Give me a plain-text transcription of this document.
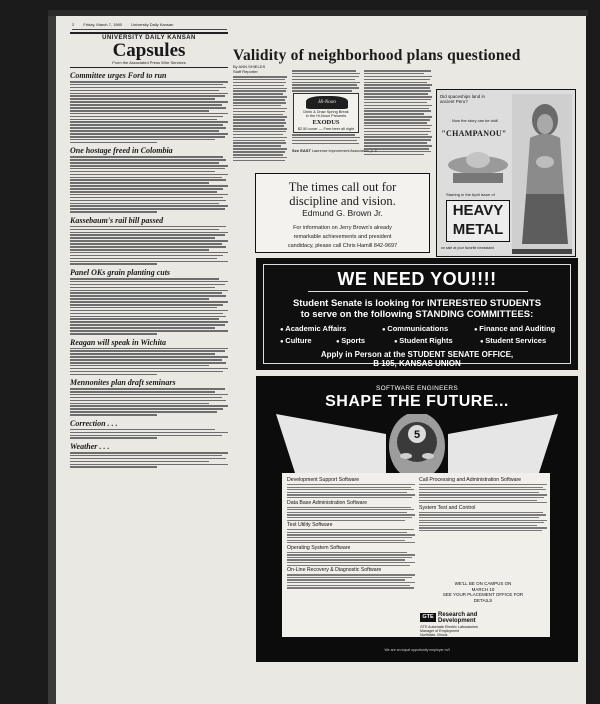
2 Friday, March 7, 1980 University Daily Kansan
UNIVERSITY DAILY KANSAN
Capsules
From the Associated Press Wire Services
Committee urges Ford to run
One hostage freed in Colombia
Kassebaum's rail bill passed
Panel OKs grain planting cuts
Reagan will speak in Wichita
Mennonites plan draft seminars
Correction . . .
Weather . . .
Validity of neighborhood plans questioned
By ANN SHIELDS
Staff Reporter
See EAST Lawrence Improvement Association, p. 5
Hi-Noon
Drink & Draw Spring Break
in the Hi-Noon Presents
EXODUS
$2.50 cover — Free beer all night
Did spaceships land in
ancient Peru?
Now the story can be told!
"CHAMPANOU"
Starring in the April issue of
HEAVY
METAL
on sale at your favorite newsstand
The times call out for
discipline and vision.
Edmund G. Brown Jr.
For information on Jerry Brown's already
remarkable achievements and president
candidacy, please call Chris Hamill 842-9697
WE NEED YOU!!!!
Student Senate is looking for INTERESTED STUDENTS
to serve on the following STANDING COMMITTEES:
● Academic Affairs	● Communications	● Finance and Auditing
● Culture	● Sports	● Student Rights	● Student Services
Apply in Person at the STUDENT SENATE OFFICE,
B 105, KANSAS UNION
SOFTWARE ENGINEERS
SHAPE THE FUTURE...
5
Development Support Software
Data Base Administration Software
Test Utility Software
Operating System Software
On-Line Recovery & Diagnostic Software
Call Processing and Administration Software
System Test and Control
WE'LL BE ON CAMPUS ON
MARCH 10
SEE YOUR PLACEMENT OFFICE FOR
DETAILS
GTE Research and
Development
GTE Automatic Electric Laboratories
Manager of Employment
Northlake, Illinois
We are an equal opportunity employer m/f
